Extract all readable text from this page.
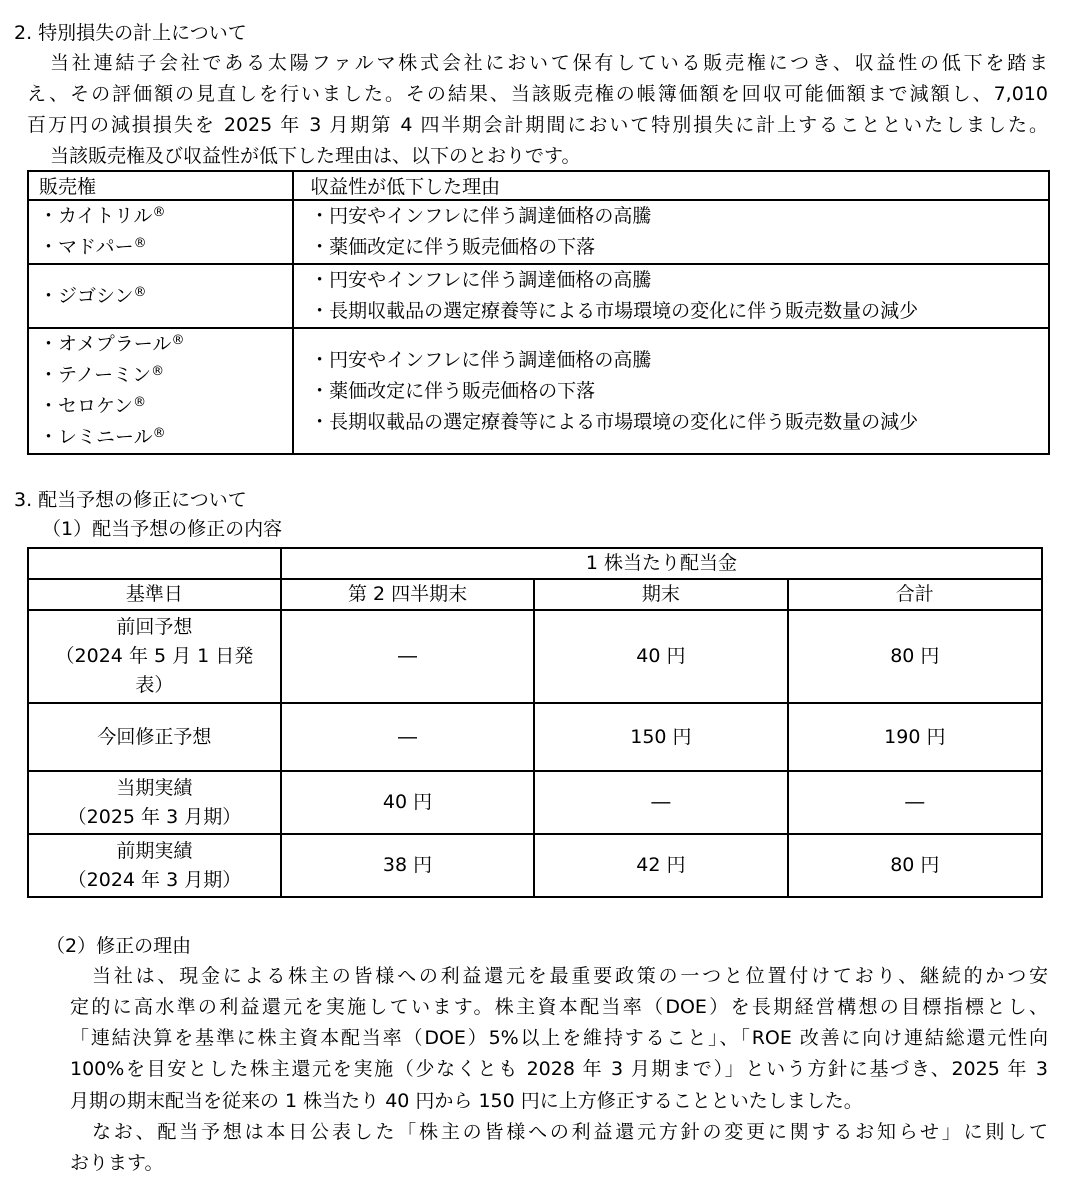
2. 特別損失の計上について
当社連結子会社である太陽ファルマ株式会社において保有している販売権につき、収益性の低下を踏ま
え、その評価額の見直しを行いました。その結果、当該販売権の帳簿価額を回収可能価額まで減額し、7,010
百万円の減損損失を 2025 年 3 月期第 4 四半期会計期間において特別損失に計上することといたしました。
当該販売権及び収益性が低下した理由は、以下のとおりです。
販売権	収益性が低下した理由

・カイトリル®
・マドパー®	・円安やインフレに伴う調達価格の高騰
・薬価改定に伴う販売価格の下落

・ジゴシン®	・円安やインフレに伴う調達価格の高騰
・長期収載品の選定療養等による市場環境の変化に伴う販売数量の減少

・オメプラール®
・テノーミン®
・セロケン®
・レミニール®	・円安やインフレに伴う調達価格の高騰
・薬価改定に伴う販売価格の下落
・長期収載品の選定療養等による市場環境の変化に伴う販売数量の減少
3. 配当予想の修正について
（1）配当予想の修正の内容
	1 株当たり配当金		
基準日	第 2 四半期末	期末	合計

前回予想
（2024 年 5 月 1 日発
表）	―	40 円	80 円

今回修正予想	―	150 円	190 円

当期実績
（2025 年 3 月期）	40 円	―	―

前期実績
（2024 年 3 月期）	38 円	42 円	80 円
（2）修正の理由
当社は、現金による株主の皆様への利益還元を最重要政策の一つと位置付けており、継続的かつ安
定的に高水準の利益還元を実施しています。株主資本配当率（DOE）を長期経営構想の目標指標とし、
「連結決算を基準に株主資本配当率（DOE）5%以上を維持すること」、「ROE 改善に向け連結総還元性向
100%を目安とした株主還元を実施（少なくとも 2028 年 3 月期まで）」という方針に基づき、2025 年 3
月期の期末配当を従来の 1 株当たり 40 円から 150 円に上方修正することといたしました。
なお、配当予想は本日公表した「株主の皆様への利益還元方針の変更に関するお知らせ」に則して
おります。
